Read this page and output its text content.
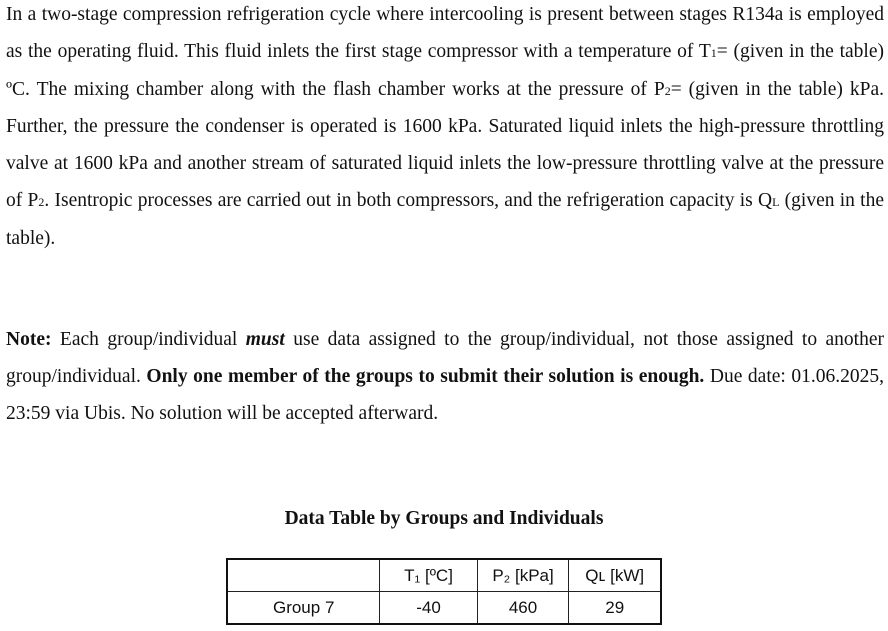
In a two-stage compression refrigeration cycle where intercooling is present between stages R134a is employed as the operating fluid. This fluid inlets the first stage compressor with a temperature of T1= (given in the table) ºC. The mixing chamber along with the flash chamber works at the pressure of P2= (given in the table) kPa. Further, the pressure the condenser is operated is 1600 kPa. Saturated liquid inlets the high-pressure throttling valve at 1600 kPa and another stream of saturated liquid inlets the low-pressure throttling valve at the pressure of P2. Isentropic processes are carried out in both compressors, and the refrigeration capacity is QL (given in the table).
Note: Each group/individual must use data assigned to the group/individual, not those assigned to another group/individual. Only one member of the groups to submit their solution is enough. Due date: 01.06.2025, 23:59 via Ubis. No solution will be accepted afterward.
Data Table by Groups and Individuals
	T₁ [ºC]	P₂ [kPa]	Qʟ [kW]
Group 7	-40	460	29
